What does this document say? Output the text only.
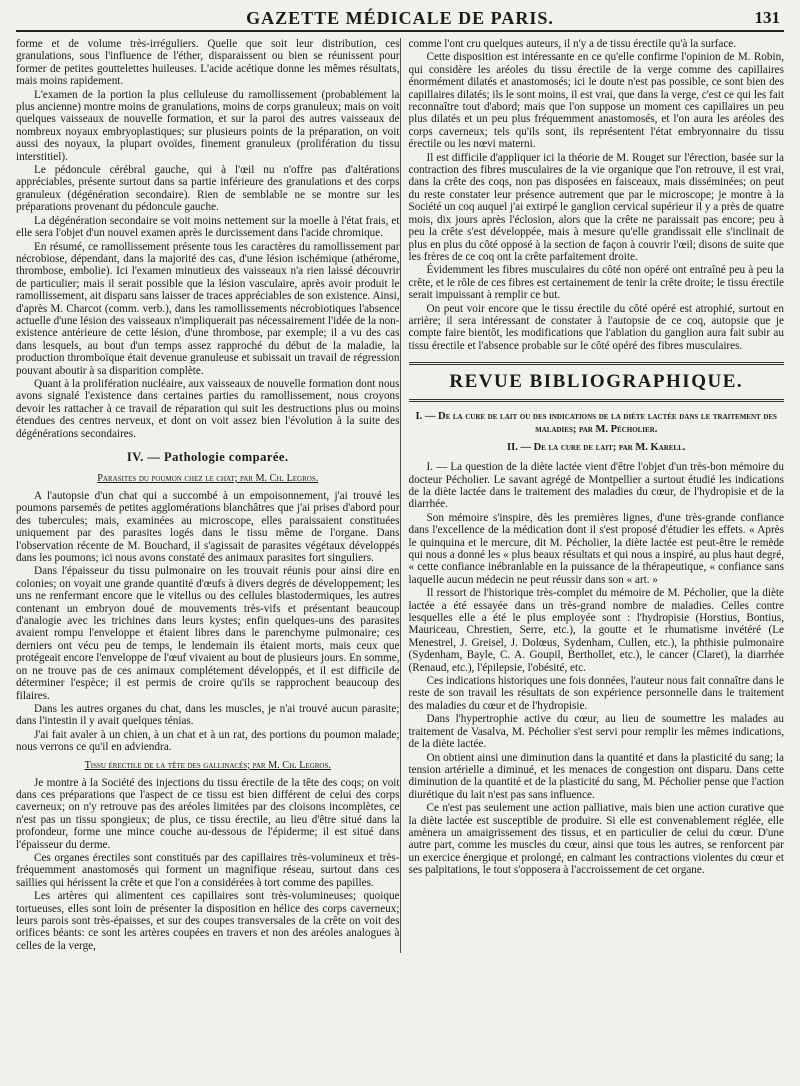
GAZETTE MÉDICALE DE PARIS.	131

forme et de volume très-irréguliers. Quelle que soit leur distribution, ces granulations, sous l'influence de l'éther, disparaissent ou bien se réunissent pour former de petites gouttelettes huileuses. L'acide acétique donne les mêmes résultats, mais moins rapidement.

L'examen de la portion la plus celluleuse du ramollissement (probablement la plus ancienne) montre moins de granulations, moins de corps granuleux; mais on voit quelques vaisseaux de nouvelle formation, et sur la paroi des autres vaisseaux de nombreux noyaux embryoplastiques; sur plusieurs points de la préparation, on voit aussi des noyaux, la plupart ovoïdes, finement granuleux (prolifération du tissu interstitiel).

Le pédoncule cérébral gauche, qui à l'œil nu n'offre pas d'altérations appréciables, présente surtout dans sa partie inférieure des granulations et des corps granuleux (dégénération secondaire). Rien de semblable ne se montre sur les préparations provenant du pédoncule gauche.

La dégénération secondaire se voit moins nettement sur la moelle à l'état frais, et elle sera l'objet d'un nouvel examen après le durcissement dans l'acide chromique.

En résumé, ce ramollissement présente tous les caractères du ramollissement par nécrobiose, dépendant, dans la majorité des cas, d'une lésion ischémique (athérome, thrombose, embolie). Ici l'examen minutieux des vaisseaux n'a rien laissé découvrir de particulier; mais il serait possible que la lésion vasculaire, après avoir produit le ramollissement, ait disparu sans laisser de traces appréciables de son existence. Ainsi, d'après M. Charcot (comm. verb.), dans les ramollissements nécrobiotiques l'absence actuelle d'une lésion des vaisseaux n'impliquerait pas nécessairement l'idée de la non-existence antérieure de cette lésion, d'une thrombose, par exemple; il a vu des cas dans lesquels, au bout d'un temps assez rapproché du début de la maladie, la production thromboïque était devenue granuleuse et subissait un travail de régression pouvant aboutir à sa disparition complète.

Quant à la prolifération nucléaire, aux vaisseaux de nouvelle formation dont nous avons signalé l'existence dans certaines parties du ramollissement, nous croyons devoir les rattacher à ce travail de réparation qui suit les destructions plus ou moins étendues des centres nerveux, et dont on voit assez bien l'évolution à la suite des dégénérations secondaires.

IV. — Pathologie comparée.
Parasites du poumon chez le chat; par M. Ch. Legros.

A l'autopsie d'un chat qui a succombé à un empoisonnement, j'ai trouvé les poumons parsemés de petites agglomérations blanchâtres que j'ai prises d'abord pour des tubercules; mais, examinées au microscope, elles paraissaient constituées uniquement par des parasites logés dans le tissu même de l'organe. Dans l'observation récente de M. Bouchard, il s'agissait de parasites végétaux développés dans les poumons; ici nous avons constaté des animaux parasites fort singuliers.

Dans l'épaisseur du tissu pulmonaire on les trouvait réunis pour ainsi dire en colonies; on voyait une grande quantité d'œufs à divers degrés de développement; les uns ne renfermant encore que le vitellus ou des cellules blastodermiques, les autres contenant un embryon doué de mouvements très-vifs et présentant beaucoup d'analogie avec les trichines dans leurs kystes; enfin quelques-uns des parasites avaient rompu l'enveloppe et étaient libres dans le parenchyme pulmonaire; ces derniers ont vécu peu de temps, le lendemain ils étaient morts, mais ceux que protégeait encore l'enveloppe de l'œuf vivaient au bout de plusieurs jours. En somme, on ne trouve pas de ces animaux complétement développés, et il est difficile de déterminer l'espèce; il est permis de croire qu'ils se rapprochent beaucoup des filaires.

Dans les autres organes du chat, dans les muscles, je n'ai trouvé aucun parasite; dans l'intestin il y avait quelques ténias.

J'ai fait avaler à un chien, à un chat et à un rat, des portions du poumon malade; nous verrons ce qu'il en adviendra.

Tissu érectile de la tête des gallinacés; par M. Ch. Legros.

Je montre à la Société des injections du tissu érectile de la tête des coqs; on voit dans ces préparations que l'aspect de ce tissu est bien différent de celui des corps caverneux; on n'y retrouve pas des aréoles limitées par des cloisons incomplètes, ce n'est pas un tissu spongieux; de plus, ce tissu érectile, au lieu d'être situé dans la profondeur, forme une mince couche au-dessous de l'épiderme; il est situé dans l'épaisseur du derme.

Ces organes érectiles sont constitués par des capillaires très-volumineux et très-fréquemment anastomosés qui forment un magnifique réseau, surtout dans ces saillies qui hérissent la crête et que l'on a considérées à tort comme des papilles.

Les artères qui alimentent ces capillaires sont très-volumineuses; quoique tortueuses, elles sont loin de présenter la disposition en hélice des corps caverneux; leurs parois sont très-épaisses, et sur des coupes transversales de la crête on voit des orifices béants: ce sont les artères coupées en travers et non des aréoles analogues à celles de la verge,

comme l'ont cru quelques auteurs, il n'y a de tissu érectile qu'à la surface.

Cette disposition est intéressante en ce qu'elle confirme l'opinion de M. Robin, qui considère les aréoles du tissu érectile de la verge comme des capillaires énormément dilatés et anastomosés; ici le doute n'est pas possible, ce sont bien des capillaires dilatés; ils le sont moins, il est vrai, que dans la verge, c'est ce qui les fait reconnaître tout d'abord; mais que l'on suppose un moment ces capillaires un peu plus dilatés et un peu plus fréquemment anastomosés, et l'on aura les aréoles des corps caverneux; tels qu'ils sont, ils représentent l'état embryonnaire du tissu érectile ou les nœvi materni.

Il est difficile d'appliquer ici la théorie de M. Rouget sur l'érection, basée sur la contraction des fibres musculaires de la vie organique que l'on retrouve, il est vrai, dans la crête des coqs, non pas disposées en faisceaux, mais disséminées; on peut du reste constater leur présence autrement que par le microscope; je montre à la Société un coq auquel j'ai extirpé le ganglion cervical supérieur il y a près de quatre mois, dix jours après l'éclosion, alors que la crête ne paraissait pas encore; peu à peu la crête s'est développée, mais à mesure qu'elle grandissait elle s'inclinait de plus en plus du côté opposé à la section de façon à couvrir l'œil; disons de suite que les frères de ce coq ont la crête parfaitement droite.

Évidemment les fibres musculaires du côté non opéré ont entraîné peu à peu la crête, et le rôle de ces fibres est certainement de tenir la crête droite; le tissu érectile serait impuissant à remplir ce but.

On peut voir encore que le tissu érectile du côté opéré est atrophié, surtout en arrière; il sera intéressant de constater à l'autopsie de ce coq, autopsie que je compte faire bientôt, les modifications que l'ablation du ganglion aura fait subir au tissu érectile et l'absence probable sur le côté opéré des fibres musculaires.

REVUE BIBLIOGRAPHIQUE.
I. — De la cure de lait ou des indications de la diète lactée dans le traitement des maladies; par M. Pécholier.
II. — De la cure de lait; par M. Karell.

I. — La question de la diète lactée vient d'être l'objet d'un très-bon mémoire du docteur Pécholier. Le savant agrégé de Montpellier a surtout étudié les indications de la diète lactée dans le traitement des maladies du cœur, de l'hydropisie et de la diarrhée.

Son mémoire s'inspire, dès les premières lignes, d'une très-grande confiance dans l'excellence de la médication dont il s'est proposé d'étudier les effets. « Après le quinquina et le mercure, dit M. Pécholier, la diète lactée est peut-être le remède qui nous a donné les « plus beaux résultats et qui nous a inspiré, au plus haut degré, « cette confiance inébranlable en la puissance de la thérapeutique, « confiance sans laquelle aucun médecin ne peut réussir dans son « art. »

Il ressort de l'historique très-complet du mémoire de M. Pécholier, que la diète lactée a été essayée dans un très-grand nombre de maladies. Celles contre lesquelles elle a été le plus employée sont : l'hydropisie (Horstius, Bontius, Mauriceau, Chrestien, Serre, etc.), la goutte et le rhumatisme invétéré (Le Menestrel, J. Greisel, J. Dolœus, Sydenham, Cullen, etc.), la phthisie pulmonaire (Sydenham, Bayle, C. A. Goupil, Berthollet, etc.), le cancer (Claret), la diarrhée (Renaud, etc.), l'épilepsie, l'obésité, etc.

Ces indications historiques une fois données, l'auteur nous fait connaître dans le reste de son travail les résultats de son expérience personnelle dans le traitement des maladies du cœur et de l'hydropisie.

Dans l'hypertrophie active du cœur, au lieu de soumettre les malades au traitement de Vasalva, M. Pécholier s'est servi pour remplir les mêmes indications, de la diète lactée.

On obtient ainsi une diminution dans la quantité et dans la plasticité du sang; la tension artérielle a diminué, et les menaces de congestion ont disparu. Dans cette diminution de la quantité et de la plasticité du sang, M. Pécholier pense que l'action diurétique du lait n'est pas sans influence.

Ce n'est pas seulement une action palliative, mais bien une action curative que la diète lactée est susceptible de produire. Si elle est convenablement réglée, elle amènera un amaigrissement des tissus, et en particulier de celui du cœur. D'une autre part, comme les muscles du cœur, ainsi que tous les autres, se renforcent par un exercice énergique et prolongé, en calmant les contractions violentes du cœur et ses palpitations, le tout s'opposera à l'accroissement de cet organe.
